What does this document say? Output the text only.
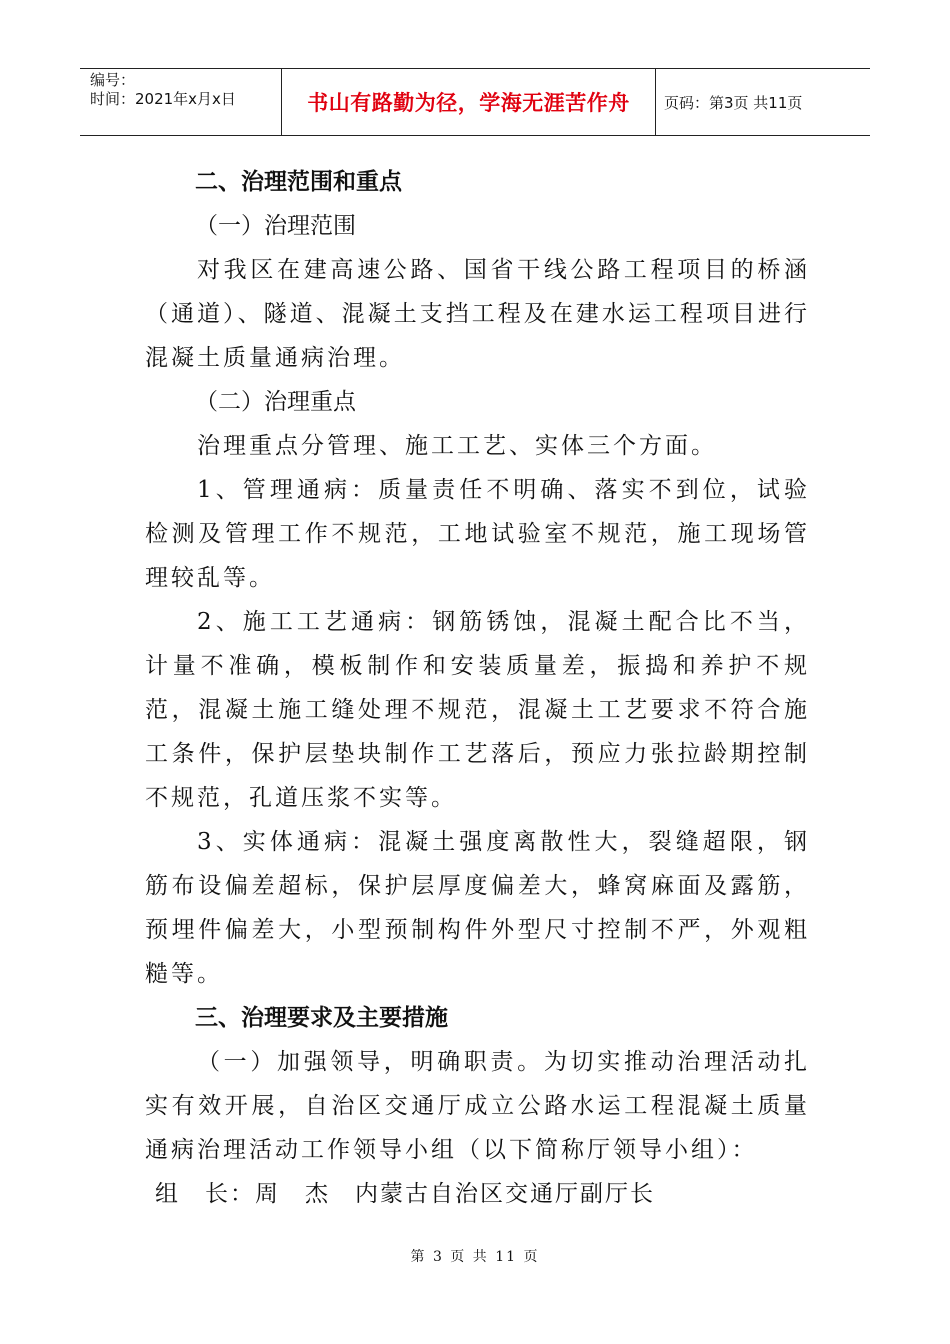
编号：
时间：2021年x月x日	书山有路勤为径，学海无涯苦作舟	页码：第3页 共11页
二、治理范围和重点
（一）治理范围
对我区在建高速公路、国省干线公路工程项目的桥涵（通道）、隧道、混凝土支挡工程及在建水运工程项目进行混凝土质量通病治理。
（二）治理重点
治理重点分管理、施工工艺、实体三个方面。
1、管理通病：质量责任不明确、落实不到位，试验检测及管理工作不规范，工地试验室不规范，施工现场管理较乱等。
2、施工工艺通病：钢筋锈蚀，混凝土配合比不当，计量不准确，模板制作和安装质量差，振捣和养护不规范，混凝土施工缝处理不规范，混凝土工艺要求不符合施工条件，保护层垫块制作工艺落后，预应力张拉龄期控制不规范，孔道压浆不实等。
3、实体通病：混凝土强度离散性大，裂缝超限，钢筋布设偏差超标，保护层厚度偏差大，蜂窝麻面及露筋，预埋件偏差大，小型预制构件外型尺寸控制不严，外观粗糙等。
三、治理要求及主要措施
（一）加强领导，明确职责。为切实推动治理活动扎实有效开展，自治区交通厅成立公路水运工程混凝土质量通病治理活动工作领导小组（以下简称厅领导小组）：
组　长：周　杰　内蒙古自治区交通厅副厅长
第 3 页 共 11 页
